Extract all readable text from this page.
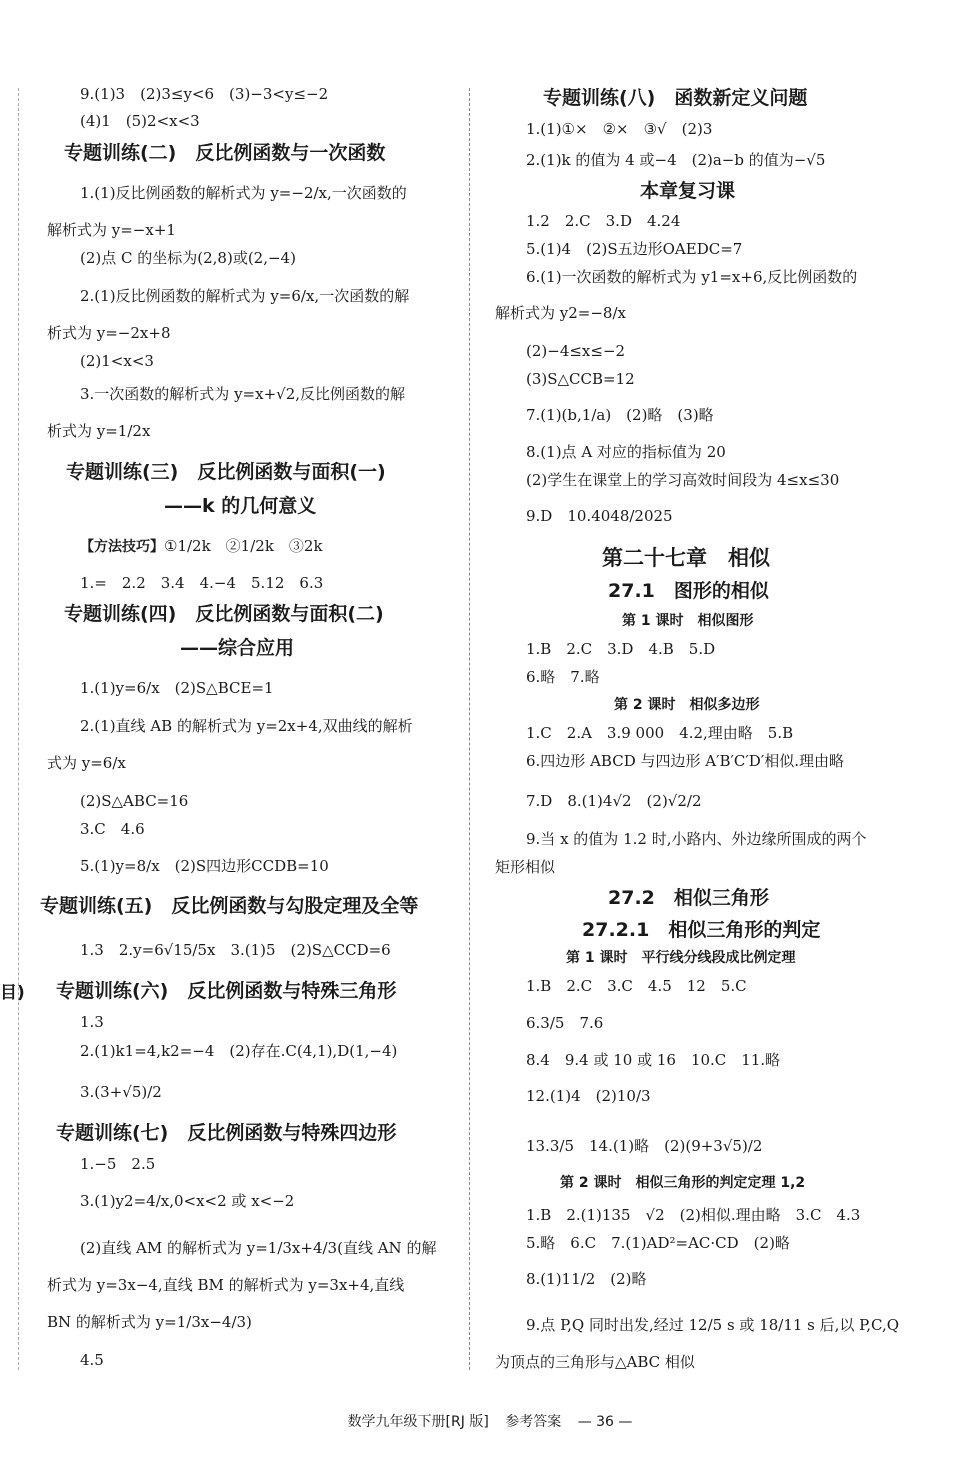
目)
9.(1)3　(2)3≤y<6　(3)−3<y≤−2
(4)1　(5)2<x<3
专题训练(二)　反比例函数与一次函数
1.(1)反比例函数的解析式为 y=−2/x,一次函数的
解析式为 y=−x+1
(2)点 C 的坐标为(2,8)或(2,−4)
2.(1)反比例函数的解析式为 y=6/x,一次函数的解
析式为 y=−2x+8
(2)1<x<3
3.一次函数的解析式为 y=x+√2,反比例函数的解
析式为 y=1/2x
专题训练(三)　反比例函数与面积(一)
——k 的几何意义
【方法技巧】①1/2k　②1/2k　③2k
1.=　2.2　3.4　4.−4　5.12　6.3
专题训练(四)　反比例函数与面积(二)
——综合应用
1.(1)y=6/x　(2)S△BCE=1
2.(1)直线 AB 的解析式为 y=2x+4,双曲线的解析
式为 y=6/x
(2)S△ABC=16
3.C　4.6
5.(1)y=8/x　(2)S四边形CCDB=10
专题训练(五)　反比例函数与勾股定理及全等
1.3　2.y=6√15/5x　3.(1)5　(2)S△CCD=6
专题训练(六)　反比例函数与特殊三角形
1.3
2.(1)k1=4,k2=−4　(2)存在.C(4,1),D(1,−4)
3.(3+√5)/2
专题训练(七)　反比例函数与特殊四边形
1.−5　2.5
3.(1)y2=4/x,0<x<2 或 x<−2
(2)直线 AM 的解析式为 y=1/3x+4/3(直线 AN 的解
析式为 y=3x−4,直线 BM 的解析式为 y=3x+4,直线
BN 的解析式为 y=1/3x−4/3)
4.5
专题训练(八)　函数新定义问题
1.(1)①×　②×　③√　(2)3
2.(1)k 的值为 4 或−4　(2)a−b 的值为−√5
本章复习课
1.2　2.C　3.D　4.24
5.(1)4　(2)S五边形OAEDC=7
6.(1)一次函数的解析式为 y1=x+6,反比例函数的
解析式为 y2=−8/x
(2)−4≤x≤−2
(3)S△CCB=12
7.(1)(b,1/a)　(2)略　(3)略
8.(1)点 A 对应的指标值为 20
(2)学生在课堂上的学习高效时间段为 4≤x≤30
9.D　10.4048/2025
第二十七章　相似
27.1　图形的相似
第 1 课时　相似图形
1.B　2.C　3.D　4.B　5.D
6.略　7.略
第 2 课时　相似多边形
1.C　2.A　3.9 000　4.2,理由略　5.B
6.四边形 ABCD 与四边形 A′B′C′D′相似.理由略
7.D　8.(1)4√2　(2)√2/2
9.当 x 的值为 1.2 时,小路内、外边缘所围成的两个
矩形相似
27.2　相似三角形
27.2.1　相似三角形的判定
第 1 课时　平行线分线段成比例定理
1.B　2.C　3.C　4.5　12　5.C
6.3/5　7.6
8.4　9.4 或 10 或 16　10.C　11.略
12.(1)4　(2)10/3
13.3/5　14.(1)略　(2)(9+3√5)/2
第 2 课时　相似三角形的判定定理 1,2
1.B　2.(1)135　√2　(2)相似.理由略　3.C　4.3
5.略　6.C　7.(1)AD²=AC·CD　(2)略
8.(1)11/2　(2)略
9.点 P,Q 同时出发,经过 12/5 s 或 18/11 s 后,以 P,C,Q
为顶点的三角形与△ABC 相似
数学九年级下册[RJ 版] 参考答案 — 36 —
